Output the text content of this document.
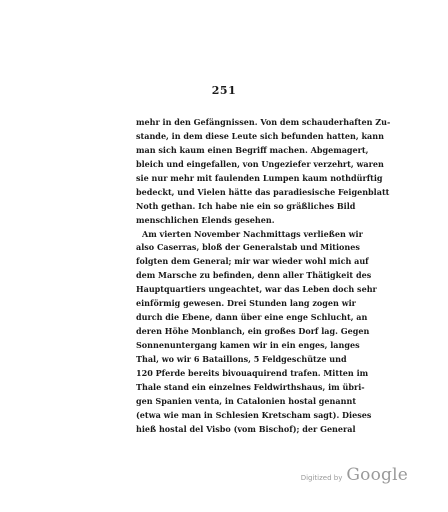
251
mehr in den Gefängnissen. Von dem schauderhaften Zu-
stande, in dem diese Leute sich befunden hatten, kann
man sich kaum einen Begriff machen. Abgemagert,
bleich und eingefallen, von Ungeziefer verzehrt, waren
sie nur mehr mit faulenden Lumpen kaum nothdürftig
bedeckt, und Vielen hätte das paradiesische Feigenblatt
Noth gethan. Ich habe nie ein so gräßliches Bild
menschlichen Elends gesehen.
Am vierten November Nachmittags verließen wir
also Caserras, bloß der Generalstab und Mitiones
folgten dem General; mir war wieder wohl mich auf
dem Marsche zu befinden, denn aller Thätigkeit des
Hauptquartiers ungeachtet, war das Leben doch sehr
einförmig gewesen. Drei Stunden lang zogen wir
durch die Ebene, dann über eine enge Schlucht, an
deren Höhe Monblanch, ein großes Dorf lag. Gegen
Sonnenuntergang kamen wir in ein enges, langes
Thal, wo wir 6 Bataillons, 5 Feldgeschütze und
120 Pferde bereits bivouaquirend trafen. Mitten im
Thale stand ein einzelnes Feldwirthshaus, im übri-
gen Spanien venta, in Catalonien hostal genannt
(etwa wie man in Schlesien Kretscham sagt). Dieses
hieß hostal del Visbo (vom Bischof); der General
Digitized by Google
